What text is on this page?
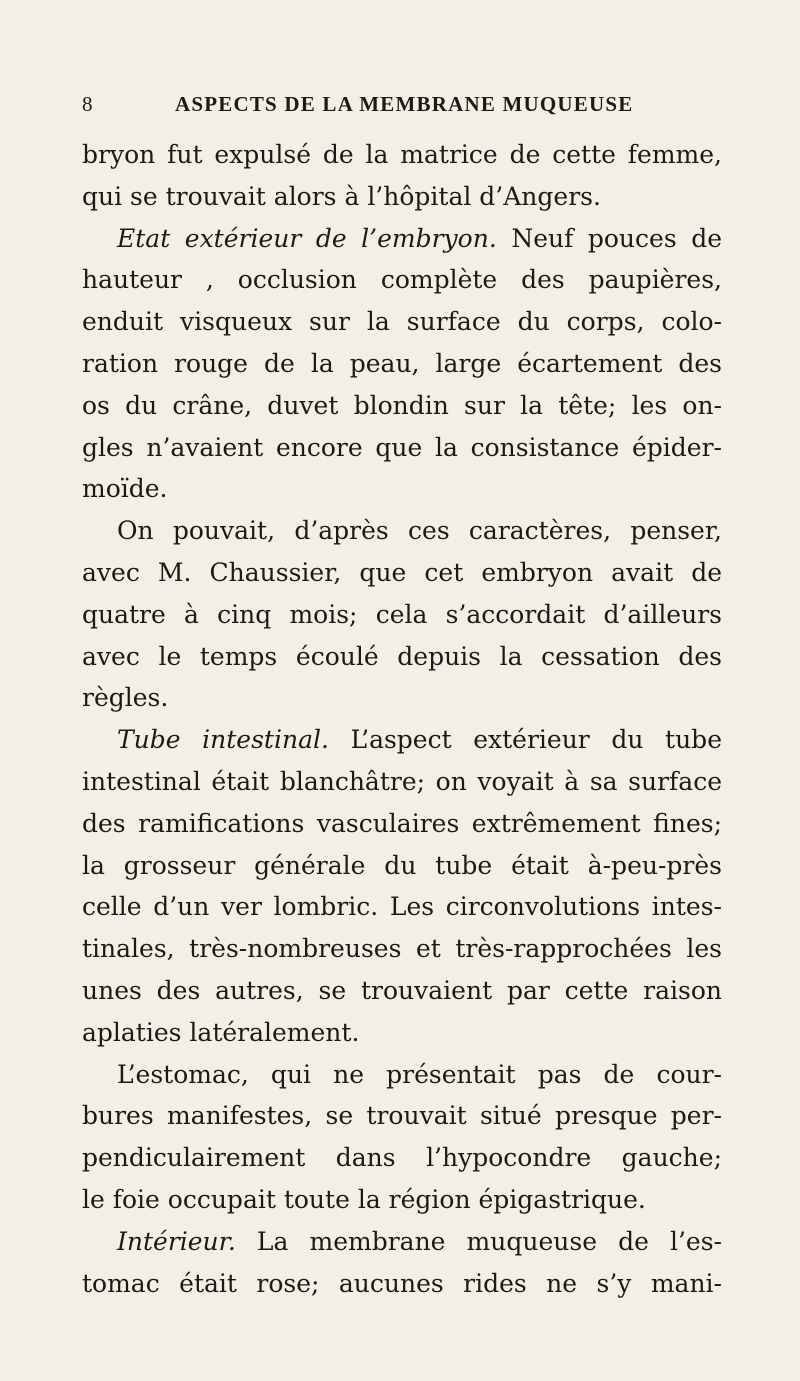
8	ASPECTS DE LA MEMBRANE MUQUEUSE
bryon fut expulsé de la matrice de cette femme,
qui se trouvait alors à l’hôpital d’Angers.
Etat extérieur de l’embryon. Neuf pouces de
hauteur , occlusion complète des paupières,
enduit visqueux sur la surface du corps, colo-
ration rouge de la peau, large écartement des
os du crâne, duvet blondin sur la tête; les on-
gles n’avaient encore que la consistance épider-
moïde.
On pouvait, d’après ces caractères, penser,
avec M. Chaussier, que cet embryon avait de
quatre à cinq mois; cela s’accordait d’ailleurs
avec le temps écoulé depuis la cessation des
règles.
Tube intestinal. L’aspect extérieur du tube
intestinal était blanchâtre; on voyait à sa surface
des ramifications vasculaires extrêmement fines;
la grosseur générale du tube était à-peu-près
celle d’un ver lombric. Les circonvolutions intes-
tinales, très-nombreuses et très-rapprochées les
unes des autres, se trouvaient par cette raison
aplaties latéralement.
L’estomac, qui ne présentait pas de cour-
bures manifestes, se trouvait situé presque per-
pendiculairement dans l’hypocondre gauche;
le foie occupait toute la région épigastrique.
Intérieur. La membrane muqueuse de l’es-
tomac était rose; aucunes rides ne s’y mani-
